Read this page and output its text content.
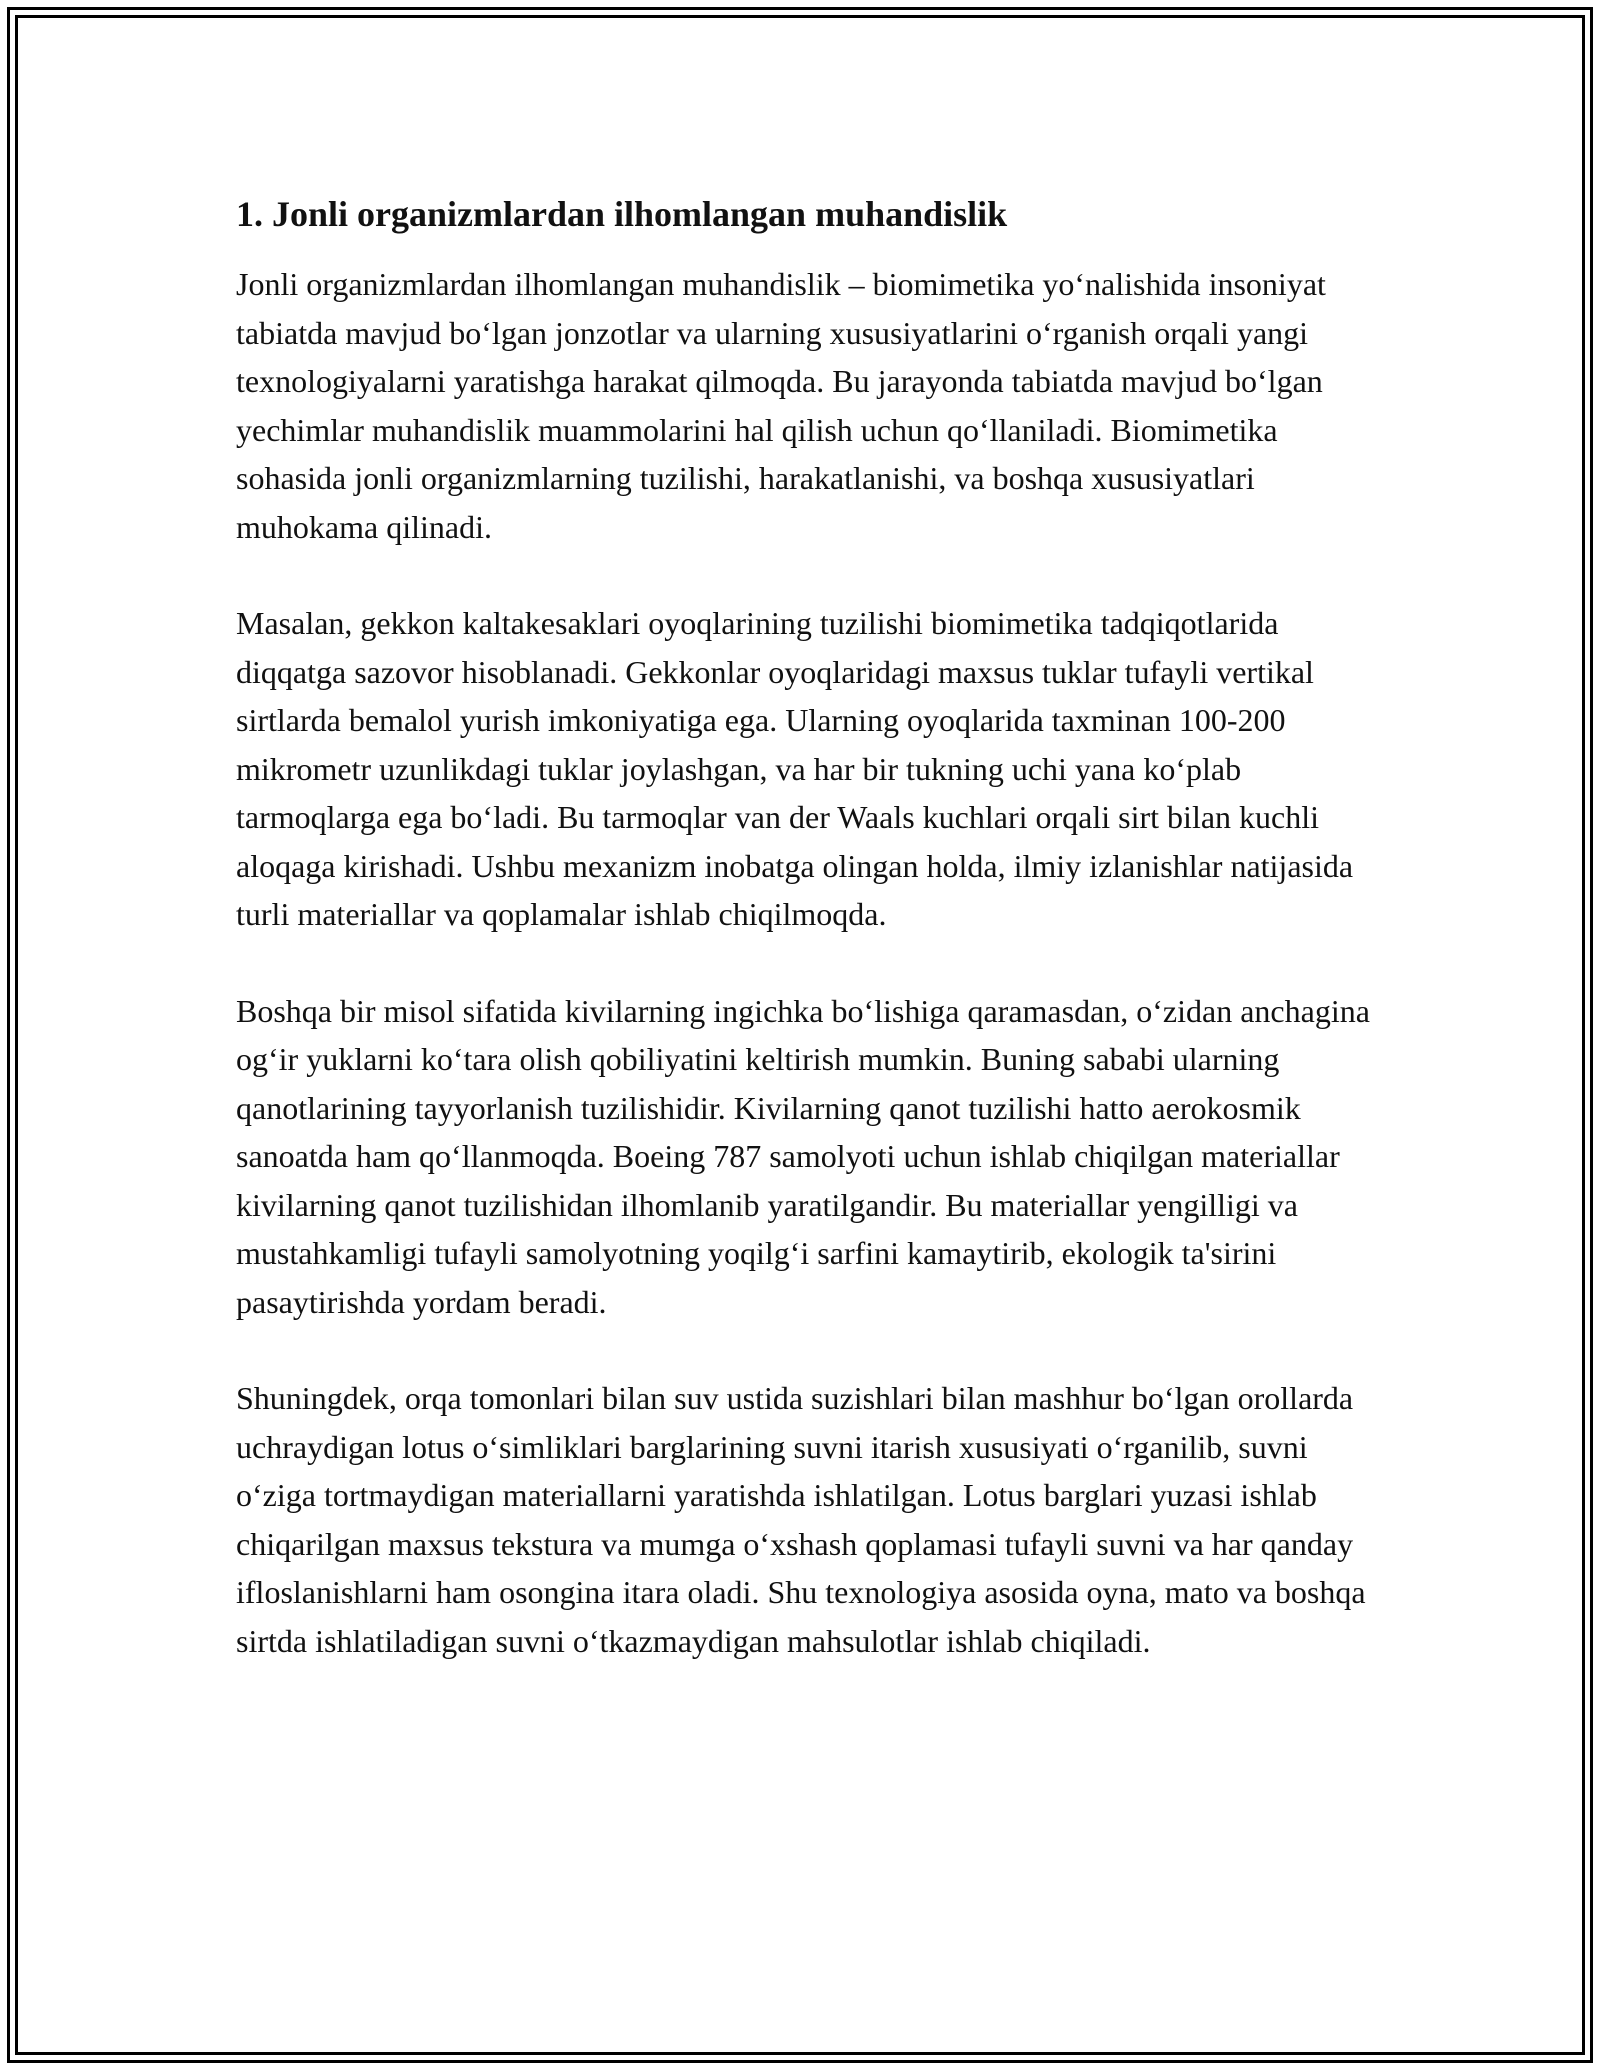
1. Jonli organizmlardan ilhomlangan muhandislik

Jonli organizmlardan ilhomlangan muhandislik – biomimetika yo‘nalishida insoniyat tabiatda mavjud bo‘lgan jonzotlar va ularning xususiyatlarini o‘rganish orqali yangi texnologiyalarni yaratishga harakat qilmoqda. Bu jarayonda tabiatda mavjud bo‘lgan yechimlar muhandislik muammolarini hal qilish uchun qo‘llaniladi. Biomimetika sohasida jonli organizmlarning tuzilishi, harakatlanishi, va boshqa xususiyatlari muhokama qilinadi.

Masalan, gekkon kaltakesaklari oyoqlarining tuzilishi biomimetika tadqiqotlarida diqqatga sazovor hisoblanadi. Gekkonlar oyoqlaridagi maxsus tuklar tufayli vertikal sirtlarda bemalol yurish imkoniyatiga ega. Ularning oyoqlarida taxminan 100-200 mikrometr uzunlikdagi tuklar joylashgan, va har bir tukning uchi yana ko‘plab tarmoqlarga ega bo‘ladi. Bu tarmoqlar van der Waals kuchlari orqali sirt bilan kuchli aloqaga kirishadi. Ushbu mexanizm inobatga olingan holda, ilmiy izlanishlar natijasida turli materiallar va qoplamalar ishlab chiqilmoqda.

Boshqa bir misol sifatida kivilarning ingichka bo‘lishiga qaramasdan, o‘zidan anchagina og‘ir yuklarni ko‘tara olish qobiliyatini keltirish mumkin. Buning sababi ularning qanotlarining tayyorlanish tuzilishidir. Kivilarning qanot tuzilishi hatto aerokosmik sanoatda ham qo‘llanmoqda. Boeing 787 samolyoti uchun ishlab chiqilgan materiallar kivilarning qanot tuzilishidan ilhomlanib yaratilgandir. Bu materiallar yengilligi va mustahkamligi tufayli samolyotning yoqilg‘i sarfini kamaytirib, ekologik ta'sirini pasaytirishda yordam beradi.

Shuningdek, orqa tomonlari bilan suv ustida suzishlari bilan mashhur bo‘lgan orollarda uchraydigan lotus o‘simliklari barglarining suvni itarish xususiyati o‘rganilib, suvni o‘ziga tortmaydigan materiallarni yaratishda ishlatilgan. Lotus barglari yuzasi ishlab chiqarilgan maxsus tekstura va mumga o‘xshash qoplamasi tufayli suvni va har qanday ifloslanishlarni ham osongina itara oladi. Shu texnologiya asosida oyna, mato va boshqa sirtda ishlatiladigan suvni o‘tkazmaydigan mahsulotlar ishlab chiqiladi.
